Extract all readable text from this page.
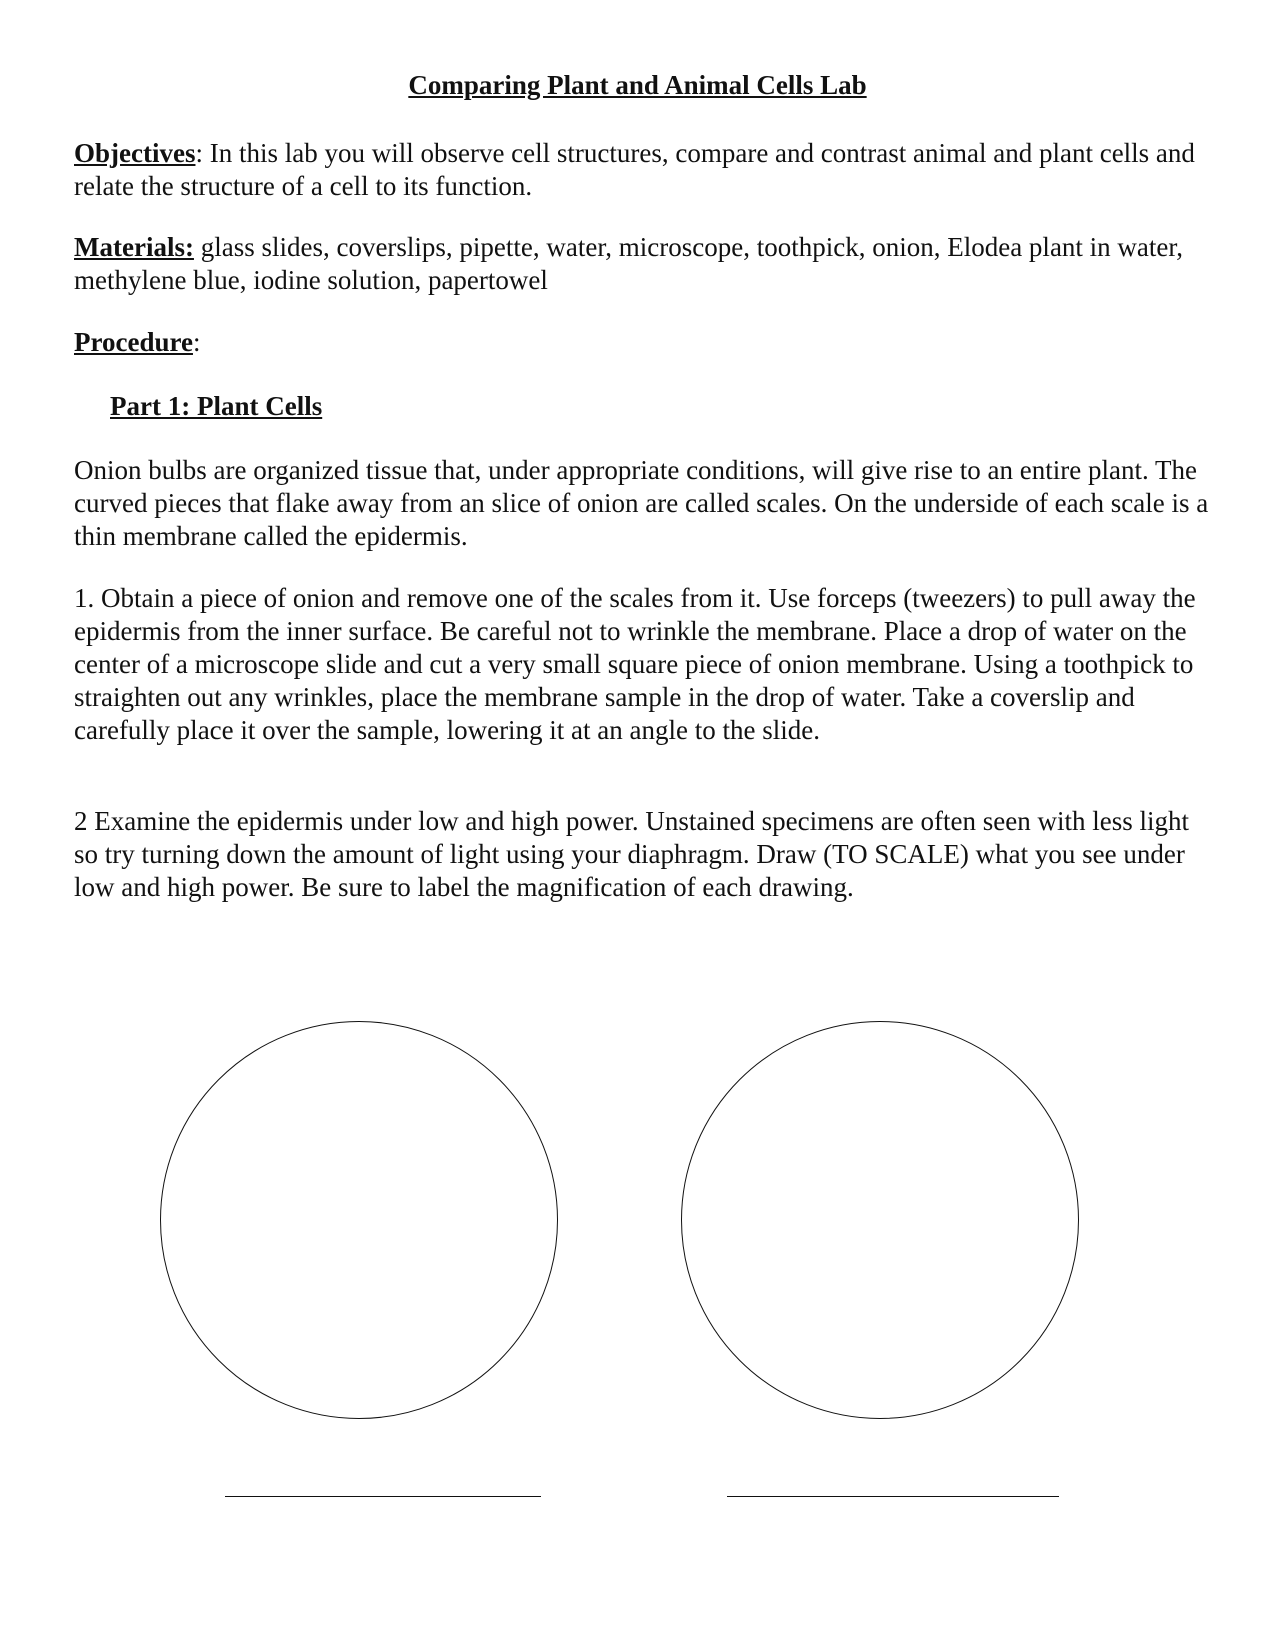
Comparing Plant and Animal Cells Lab

Objectives: In this lab you will observe cell structures, compare and contrast animal and plant cells and relate the structure of a cell to its function.

Materials: glass slides, coverslips, pipette, water, microscope, toothpick, onion, Elodea plant in water, methylene blue, iodine solution, papertowel

Procedure:

Part 1: Plant Cells

Onion bulbs are organized tissue that, under appropriate conditions, will give rise to an entire plant. The curved pieces that flake away from an slice of onion are called scales. On the underside of each scale is a thin membrane called the epidermis.

1. Obtain a piece of onion and remove one of the scales from it. Use forceps (tweezers) to pull away the epidermis from the inner surface. Be careful not to wrinkle the membrane. Place a drop of water on the center of a microscope slide and cut a very small square piece of onion membrane. Using a toothpick to straighten out any wrinkles, place the membrane sample in the drop of water. Take a coverslip and carefully place it over the sample, lowering it at an angle to the slide.

2 Examine the epidermis under low and high power. Unstained specimens are often seen with less light so try turning down the amount of light using your diaphragm. Draw (TO SCALE) what you see under low and high power. Be sure to label the magnification of each drawing.
